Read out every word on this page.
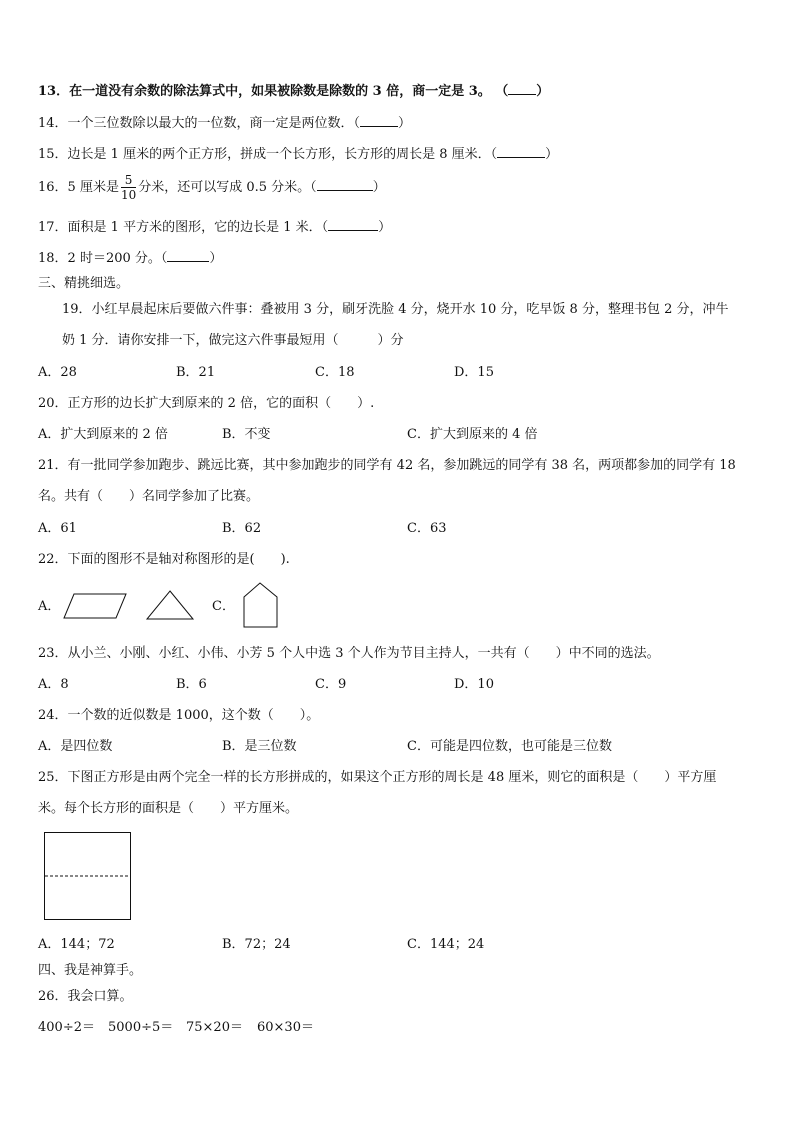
13．在一道没有余数的除法算式中，如果被除数是除数的 3 倍，商一定是 3。 （ ）
14．一个三位数除以最大的一位数，商一定是两位数．（	）
15．边长是 1 厘米的两个正方形，拼成一个长方形，长方形的周长是 8 厘米．（	）
16．5 厘米是 $\frac{5}{10}$ 分米，还可以写成 0.5 分米。（	）
17．面积是 1 平方米的图形，它的边长是 1 米．（	）
18．2 时＝200 分。（	）
三、精挑细选。
19．小红早晨起床后要做六件事：叠被用 3 分，刷牙洗脸 4 分，烧开水 10 分，吃早饭 8 分，整理书包 2 分，冲牛
奶 1 分．请你安排一下，做完这六件事最短用（　　　）分
A．28	B．21	C．18	D．15
20．正方形的边长扩大到原来的 2 倍，它的面积（　　）.
A．扩大到原来的 2 倍	B．不变	C．扩大到原来的 4 倍
21．有一批同学参加跑步、跳远比赛，其中参加跑步的同学有 42 名，参加跳远的同学有 38 名，两项都参加的同学有 18
名。共有（　　）名同学参加了比赛。
A．61	B．62	C．63
22．下面的图形不是轴对称图形的是(　　).
A．	C．
23．从小兰、小刚、小红、小伟、小芳 5 个人中选 3 个人作为节目主持人，一共有（　　）中不同的选法。
A．8	B．6	C．9	D．10
24．一个数的近似数是 1000，这个数（　　）。
A．是四位数	B．是三位数	C．可能是四位数，也可能是三位数
25．下图正方形是由两个完全一样的长方形拼成的，如果这个正方形的周长是 48 厘米，则它的面积是（　　）平方厘
米。每个长方形的面积是（　　）平方厘米。
A．144；72	B．72；24	C．144；24
四、我是神算手。
26．我会口算。
400÷2＝ 5000÷5＝ 75×20＝ 60×30＝
